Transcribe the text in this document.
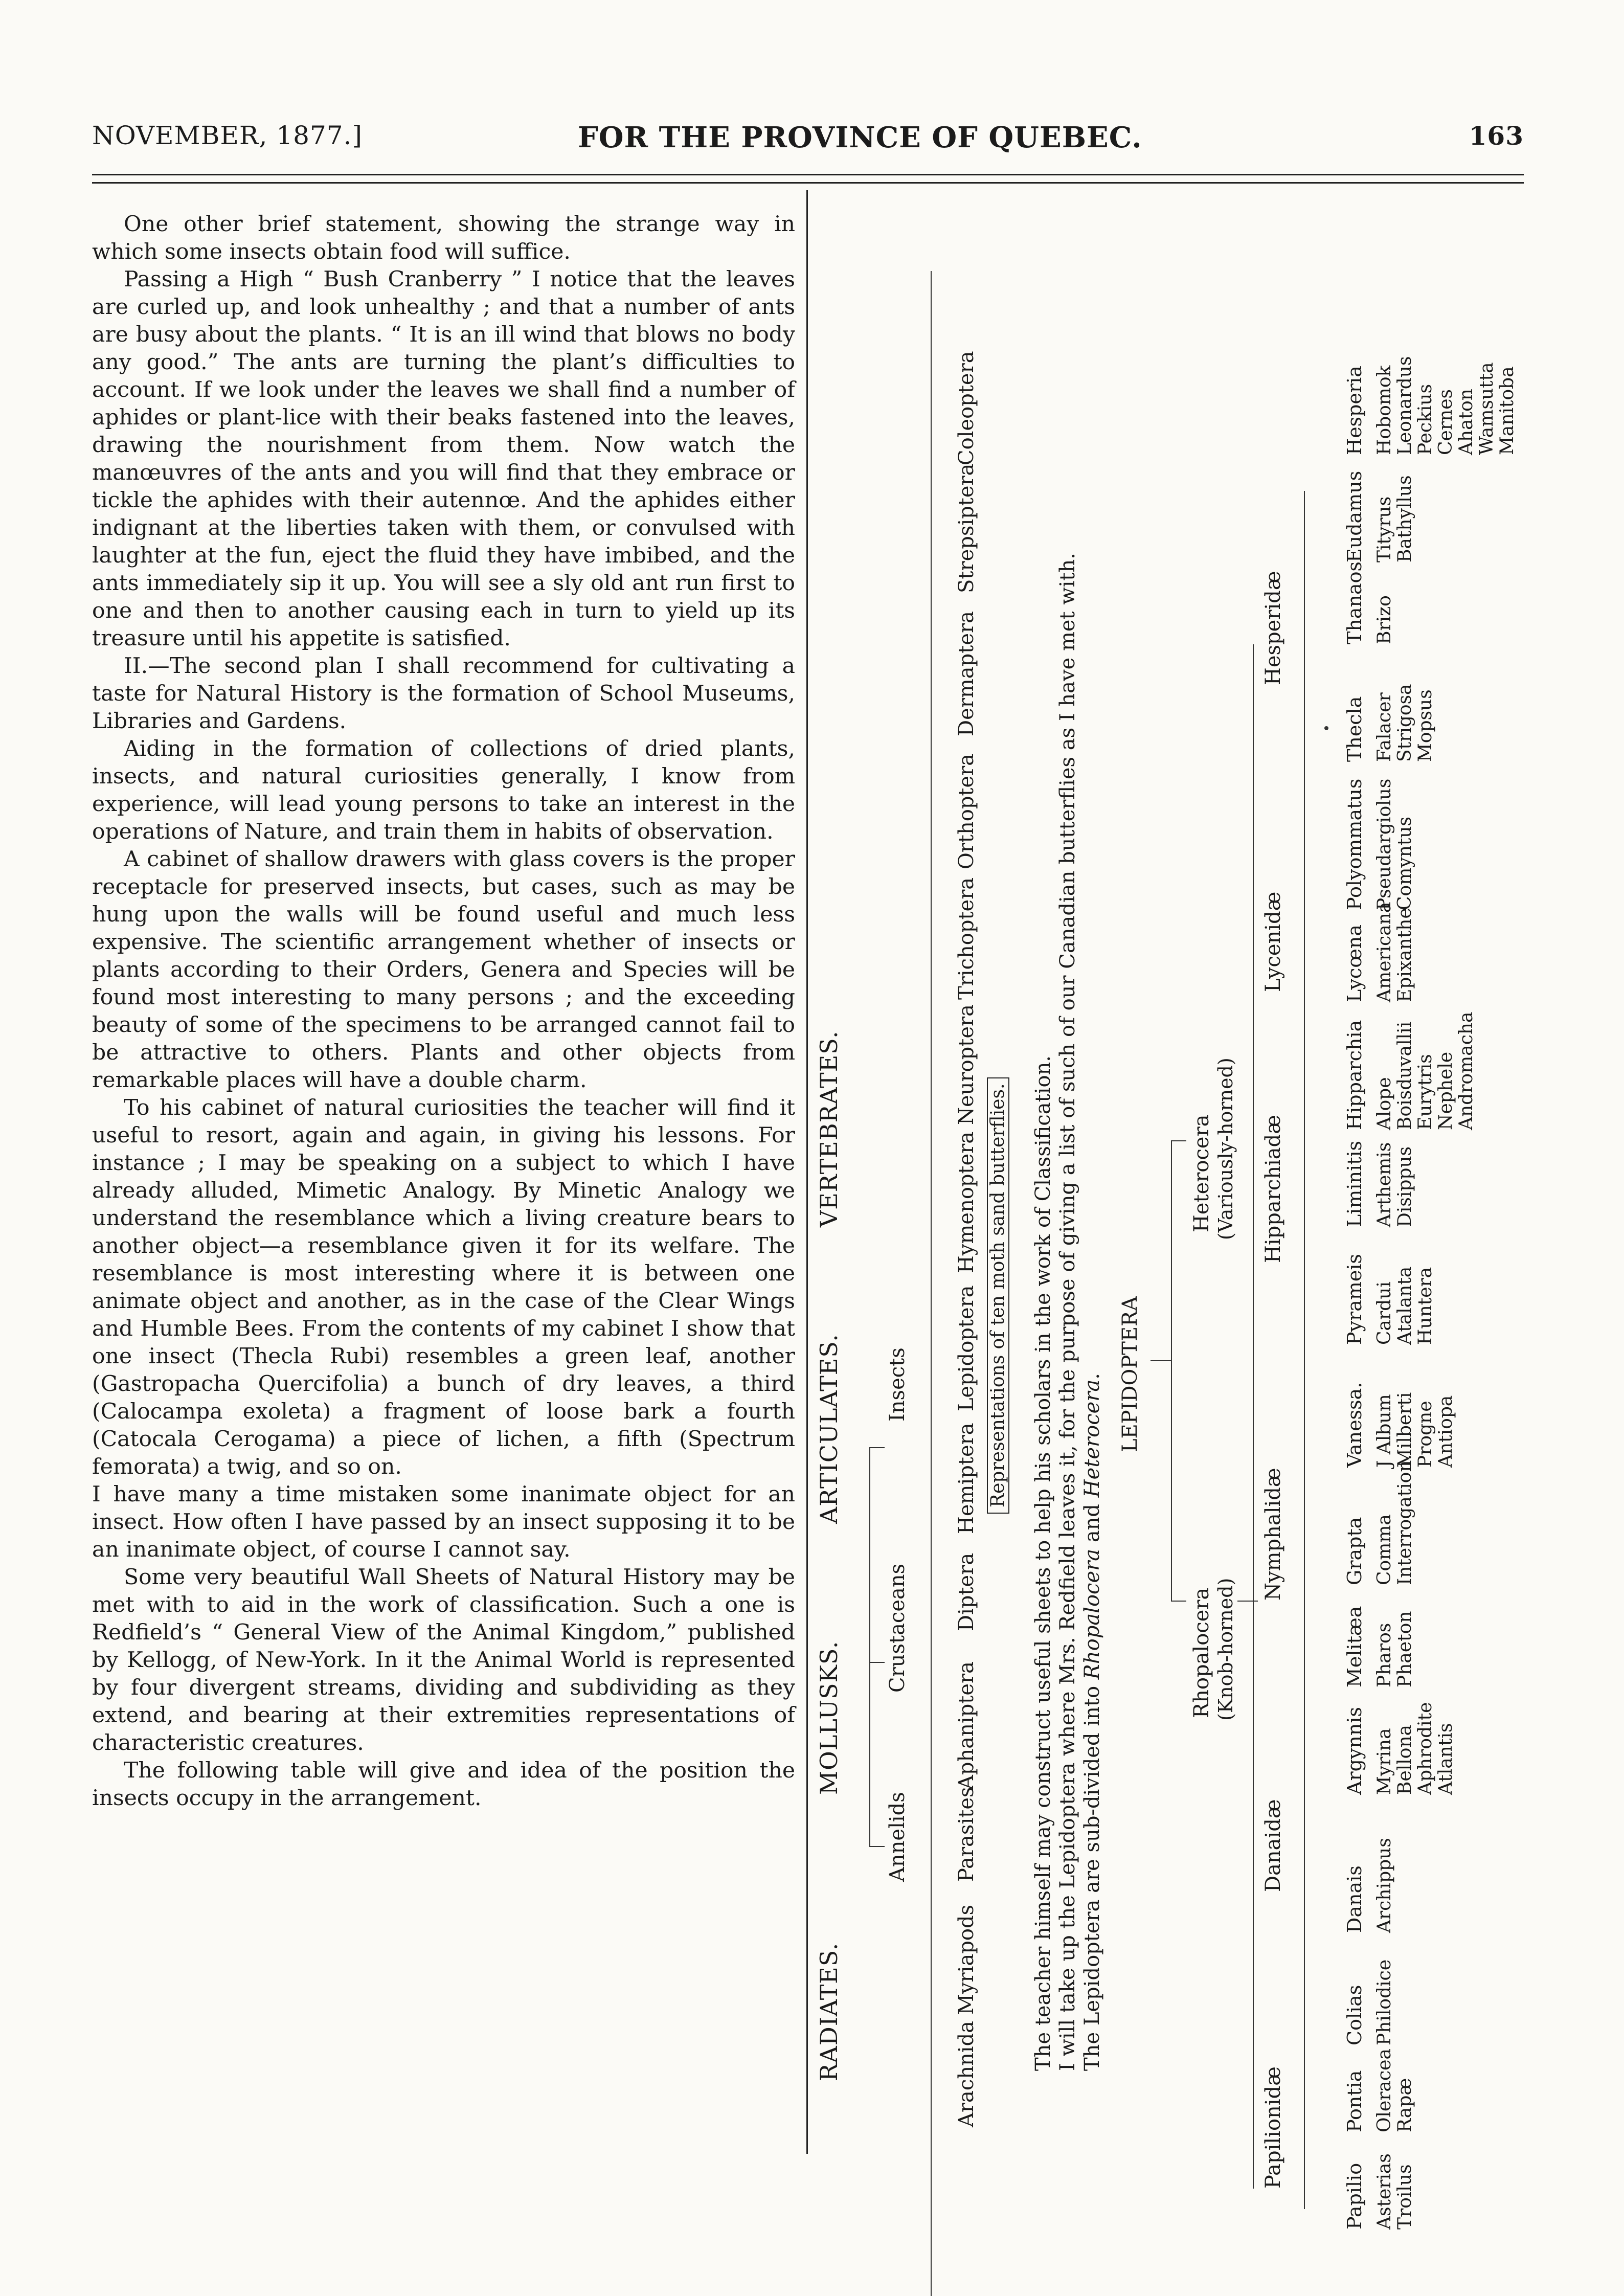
NOVEMBER, 1877.]	FOR THE PROVINCE OF QUEBEC.	163

One other brief statement, showing the strange way in which some insects obtain food will suffice.

Passing a High “ Bush Cranberry ” I notice that the leaves are curled up, and look unhealthy ; and that a number of ants are busy about the plants. “ It is an ill wind that blows no body any good.” The ants are turning the plant’s difficulties to account. If we look under the leaves we shall find a number of aphides or plant-lice with their beaks fastened into the leaves, drawing the nourishment from them. Now watch the manœuvres of the ants and you will find that they embrace or tickle the aphides with their autennœ. And the aphides either indignant at the liberties taken with them, or convulsed with laughter at the fun, eject the fluid they have imbibed, and the ants immediately sip it up. You will see a sly old ant run first to one and then to another causing each in turn to yield up its treasure until his appetite is satisfied.

II.—The second plan I shall recommend for cultivating a taste for Natural History is the formation of School Museums, Libraries and Gardens.

Aiding in the formation of collections of dried plants, insects, and natural curiosities generally, I know from experience, will lead young persons to take an interest in the operations of Nature, and train them in habits of observation.

A cabinet of shallow drawers with glass covers is the proper receptacle for preserved insects, but cases, such as may be hung upon the walls will be found useful and much less expensive. The scientific arrangement whether of insects or plants according to their Orders, Genera and Species will be found most interesting to many persons ; and the exceeding beauty of some of the specimens to be arranged cannot fail to be attractive to others. Plants and other objects from remarkable places will have a double charm.

To his cabinet of natural curiosities the teacher will find it useful to resort, again and again, in giving his lessons. For instance ; I may be speaking on a subject to which I have already alluded, Mimetic Analogy. By Minetic Analogy we understand the resemblance which a living creature bears to another object—a resemblance given it for its welfare. The resemblance is most interesting where it is between one animate object and another, as in the case of the Clear Wings and Humble Bees. From the contents of my cabinet I show that one insect (Thecla Rubi) resembles a green leaf, another (Gastropacha Quercifolia) a bunch of dry leaves, a third (Calocampa exoleta) a fragment of loose bark a fourth (Catocala Cerogama) a piece of lichen, a fifth (Spectrum femorata) a twig, and so on.

I have many a time mistaken some inanimate object for an insect. How often I have passed by an insect supposing it to be an inanimate object, of course I cannot say.

Some very beautiful Wall Sheets of Natural History may be met with to aid in the work of classification. Such a one is Redfield’s “ General View of the Animal Kingdom,” published by Kellogg, of New-York. In it the Animal World is represented by four divergent streams, dividing and subdividing as they extend, and bearing at their extremities representations of characteristic creatures.

The following table will give and idea of the position the insects occupy in the arrangement.

RADIATES.
MOLLUSKS.
ARTICULATES.
VERTEBRATES.
Annelids
Crustaceans
Insects
Arachnida
Myriapods
Parasites
Aphaniptera
Diptera
Hemiptera
Lepidoptera
Hymenoptera
Neuroptera
Trichoptera
Orthoptera
Dermaptera
Strepsiptera
Coleoptera
Representations of ten moth sand butterflies. The teacher himself may construct useful sheets to help his scholars in the work of Classification. I will take up the Lepidoptera where Mrs. Redfield leaves it, for the purpose of giving a list of such of our Canadian butterflies as I have met with. The Lepidoptera are sub-divided into Rhopalocera and Heterocera. LEPIDOPTERA
Rhopalocera (Knob-horned)
Heterocera (Variously-horned)
Papilionidæ
Danaidæ
Nymphalidæ
Hipparchiadæ
Lycenidæ
Hesperidæ
Papilio Asterias Troilus
Pontia Oleracea Rapæ
Colias Philodice
Danais Archippus
Argynnis Myrina Bellona Aphrodite Atlantis
Melitæa Pharos Phaeton
Grapta Comma Interrogation.
Vanessa. J Album Milberti Progne Antiopa
Pyrameis Cardui Atalanta Huntera
Liminitis Arthemis Disippus
Hipparchia Alope Boisduvallii Eurytris Nephele Andromacha
Lycœna Americana Epixanthe
Polyommatus Pseudargiolus Comyntus
Thecla Falacer Strigosa Mopsus
Thanaos Brizo
Eudamus Tityrus Bathyllus
Hesperia Hobomok Leonardus Peckius Cernes Ahaton Wamsutta Manitoba
